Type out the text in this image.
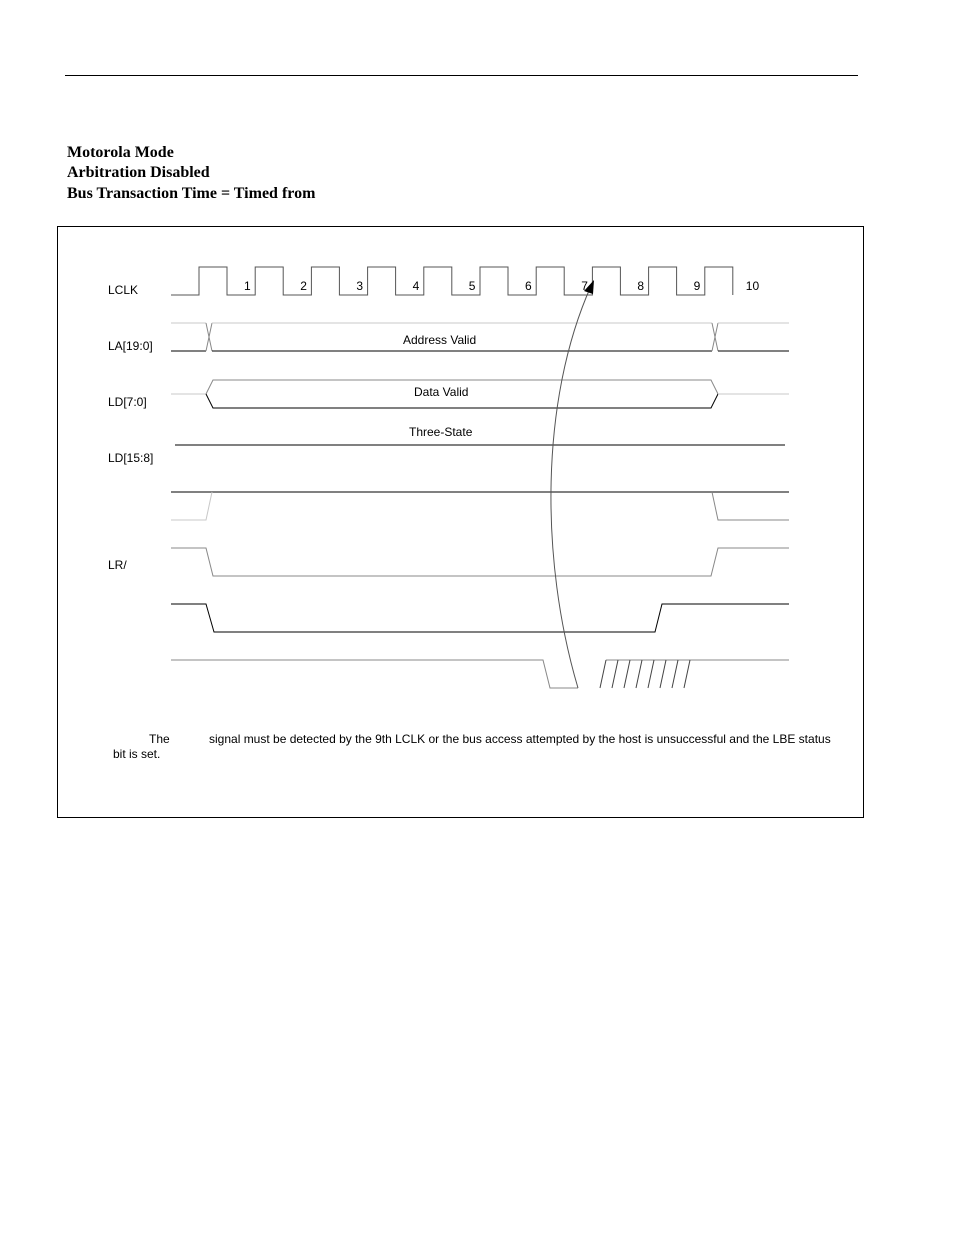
Motorola Mode
Arbitration Disabled
Bus Transaction Time = Timed from
1	2	3	4	5	6	7	8	9	10
LCLK
LA[19:0]
LD[7:0]
LD[15:8]
LR/
Address Valid
Data Valid
Three-State
The	signal must be detected by the 9th LCLK or the bus access attempted by the host is unsuccessful and the LBE status
bit is set.
